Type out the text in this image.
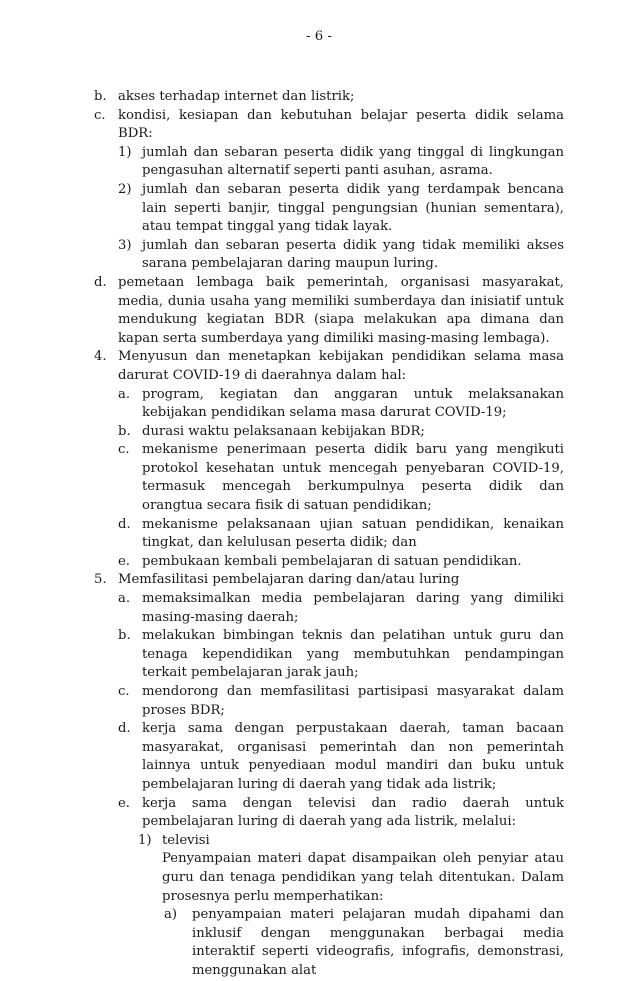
- 6 -
b. akses terhadap internet dan listrik;
c. kondisi, kesiapan dan kebutuhan belajar peserta didik selama BDR:
1) jumlah dan sebaran peserta didik yang tinggal di lingkungan pengasuhan alternatif seperti panti asuhan, asrama.
2) jumlah dan sebaran peserta didik yang terdampak bencana lain seperti banjir, tinggal pengungsian (hunian sementara), atau tempat tinggal yang tidak layak.
3) jumlah dan sebaran peserta didik yang tidak memiliki akses sarana pembelajaran daring maupun luring.
d. pemetaan lembaga baik pemerintah, organisasi masyarakat, media, dunia usaha yang memiliki sumberdaya dan inisiatif untuk mendukung kegiatan BDR (siapa melakukan apa dimana dan kapan serta sumberdaya yang dimiliki masing-masing lembaga).
4. Menyusun dan menetapkan kebijakan pendidikan selama masa darurat COVID-19 di daerahnya dalam hal:
a. program, kegiatan dan anggaran untuk melaksanakan kebijakan pendidikan selama masa darurat COVID-19;
b. durasi waktu pelaksanaan kebijakan BDR;
c. mekanisme penerimaan peserta didik baru yang mengikuti protokol kesehatan untuk mencegah penyebaran COVID-19, termasuk mencegah berkumpulnya peserta didik dan orangtua secara fisik di satuan pendidikan;
d. mekanisme pelaksanaan ujian satuan pendidikan, kenaikan tingkat, dan kelulusan peserta didik; dan
e. pembukaan kembali pembelajaran di satuan pendidikan.
5. Memfasilitasi pembelajaran daring dan/atau luring
a. memaksimalkan media pembelajaran daring yang dimiliki masing-masing daerah;
b. melakukan bimbingan teknis dan pelatihan untuk guru dan tenaga kependidikan yang membutuhkan pendampingan terkait pembelajaran jarak jauh;
c. mendorong dan memfasilitasi partisipasi masyarakat dalam proses BDR;
d. kerja sama dengan perpustakaan daerah, taman bacaan masyarakat, organisasi pemerintah dan non pemerintah lainnya untuk penyediaan modul mandiri dan buku untuk pembelajaran luring di daerah yang tidak ada listrik;
e. kerja sama dengan televisi dan radio daerah untuk pembelajaran luring di daerah yang ada listrik, melalui:
1) televisi
Penyampaian materi dapat disampaikan oleh penyiar atau guru dan tenaga pendidikan yang telah ditentukan. Dalam prosesnya perlu memperhatikan:
a) penyampaian materi pelajaran mudah dipahami dan inklusif dengan menggunakan berbagai media interaktif seperti videografis, infografis, demonstrasi, menggunakan alat
